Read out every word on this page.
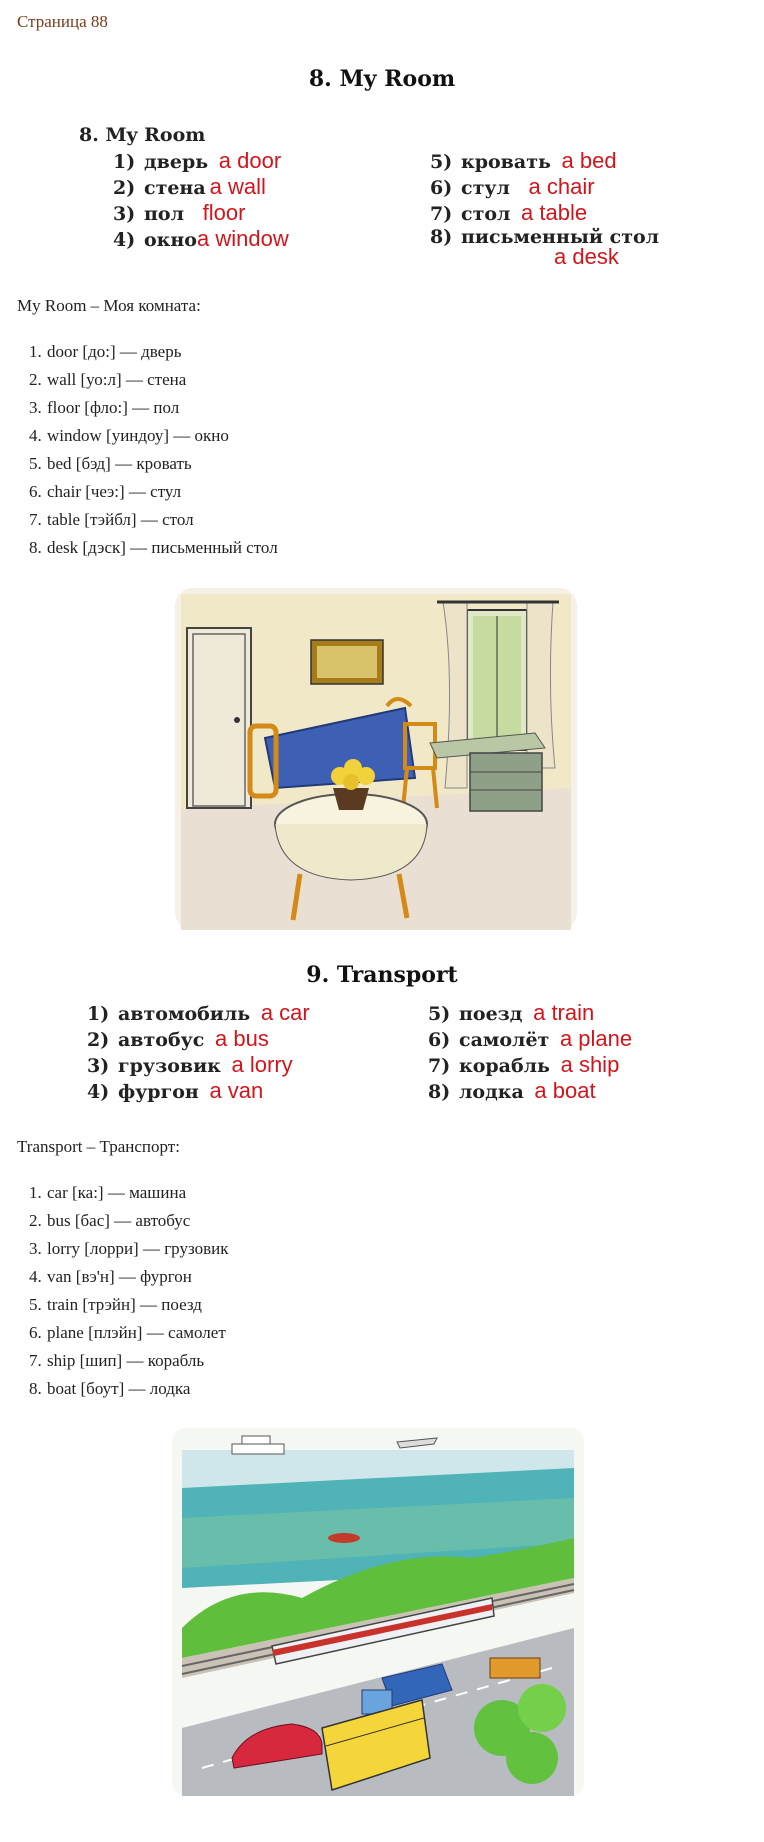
Страница 88
8. My Room
8. My Room
1) дверь a door
2) стена a wall
3) пол floor
4) окноa window
5) кровать a bed
6) стул a chair
7) стол a table
8) письменный стол
a desk
My Room – Моя комната:
1. door [до:] — дверь
2. wall [уо:л] — стена
3. floor [фло:] — пол
4. window [уиндоу] — окно
5. bed [бэд] — кровать
6. chair [чеэ:] — стул
7. table [тэйбл] — стол
8. desk [дэск] — письменный стол
9. Transport
1) автомобиль a car
2) автобус a bus
3) грузовик a lorry
4) фургон a van
5) поезд a train
6) самолёт a plane
7) корабль a ship
8) лодка a boat
Transport – Транспорт:
1. car [ка:] — машина
2. bus [бас] — автобус
3. lorry [лорри] — грузовик
4. van [вэ'н] — фургон
5. train [трэйн] — поезд
6. plane [плэйн] — самолет
7. ship [шип] — корабль
8. boat [боут] — лодка
